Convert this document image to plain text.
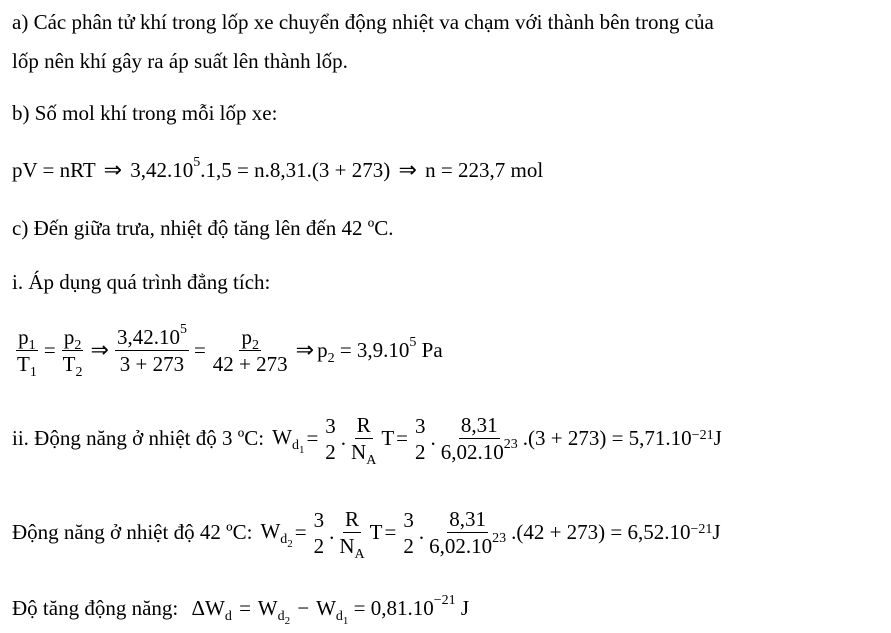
a) Các phân tử khí trong lốp xe chuyển động nhiệt va chạm với thành bên trong của
lốp nên khí gây ra áp suất lên thành lốp.
b) Số mol khí trong mỗi lốp xe:
pV = nRT ⇒ $3,42.10^5.1,5 = n.8,31.(3 + 273)$ ⇒ n = 223,7 mol
c) Đến giữa trưa, nhiệt độ tăng lên đến 42 ºC.
i. Áp dụng quá trình đẳng tích:
$\frac{p_1}{T_1} = \frac{p_2}{T_2}$ ⇒ $\frac{3,42.10^5}{3 + 273} = \frac{p_2}{42 + 273}$ ⇒ $p_2 = 3,9.10^5$ Pa
ii. Động năng ở nhiệt độ 3 ºC: $W_{d_1}$ =
3
2
. $\frac{R}{N_A}$ T =
3
2
. $\frac{8,31}{6,02.10^{23}} .(3 + 273) = 5,71.10^{-21}$ J
Động năng ở nhiệt độ 42 ºC: $W_{d_2}$ =
3
2
. $\frac{R}{N_A}$ T =
3
2
. $\frac{8,31}{6,02.10^{23}} .(42 + 273) = 6,52.10^{-21}$ J
Độ tăng động năng: $\Delta W_d = W_{d_2} - W_{d_1} = 0,81.10^{-21}$ J
